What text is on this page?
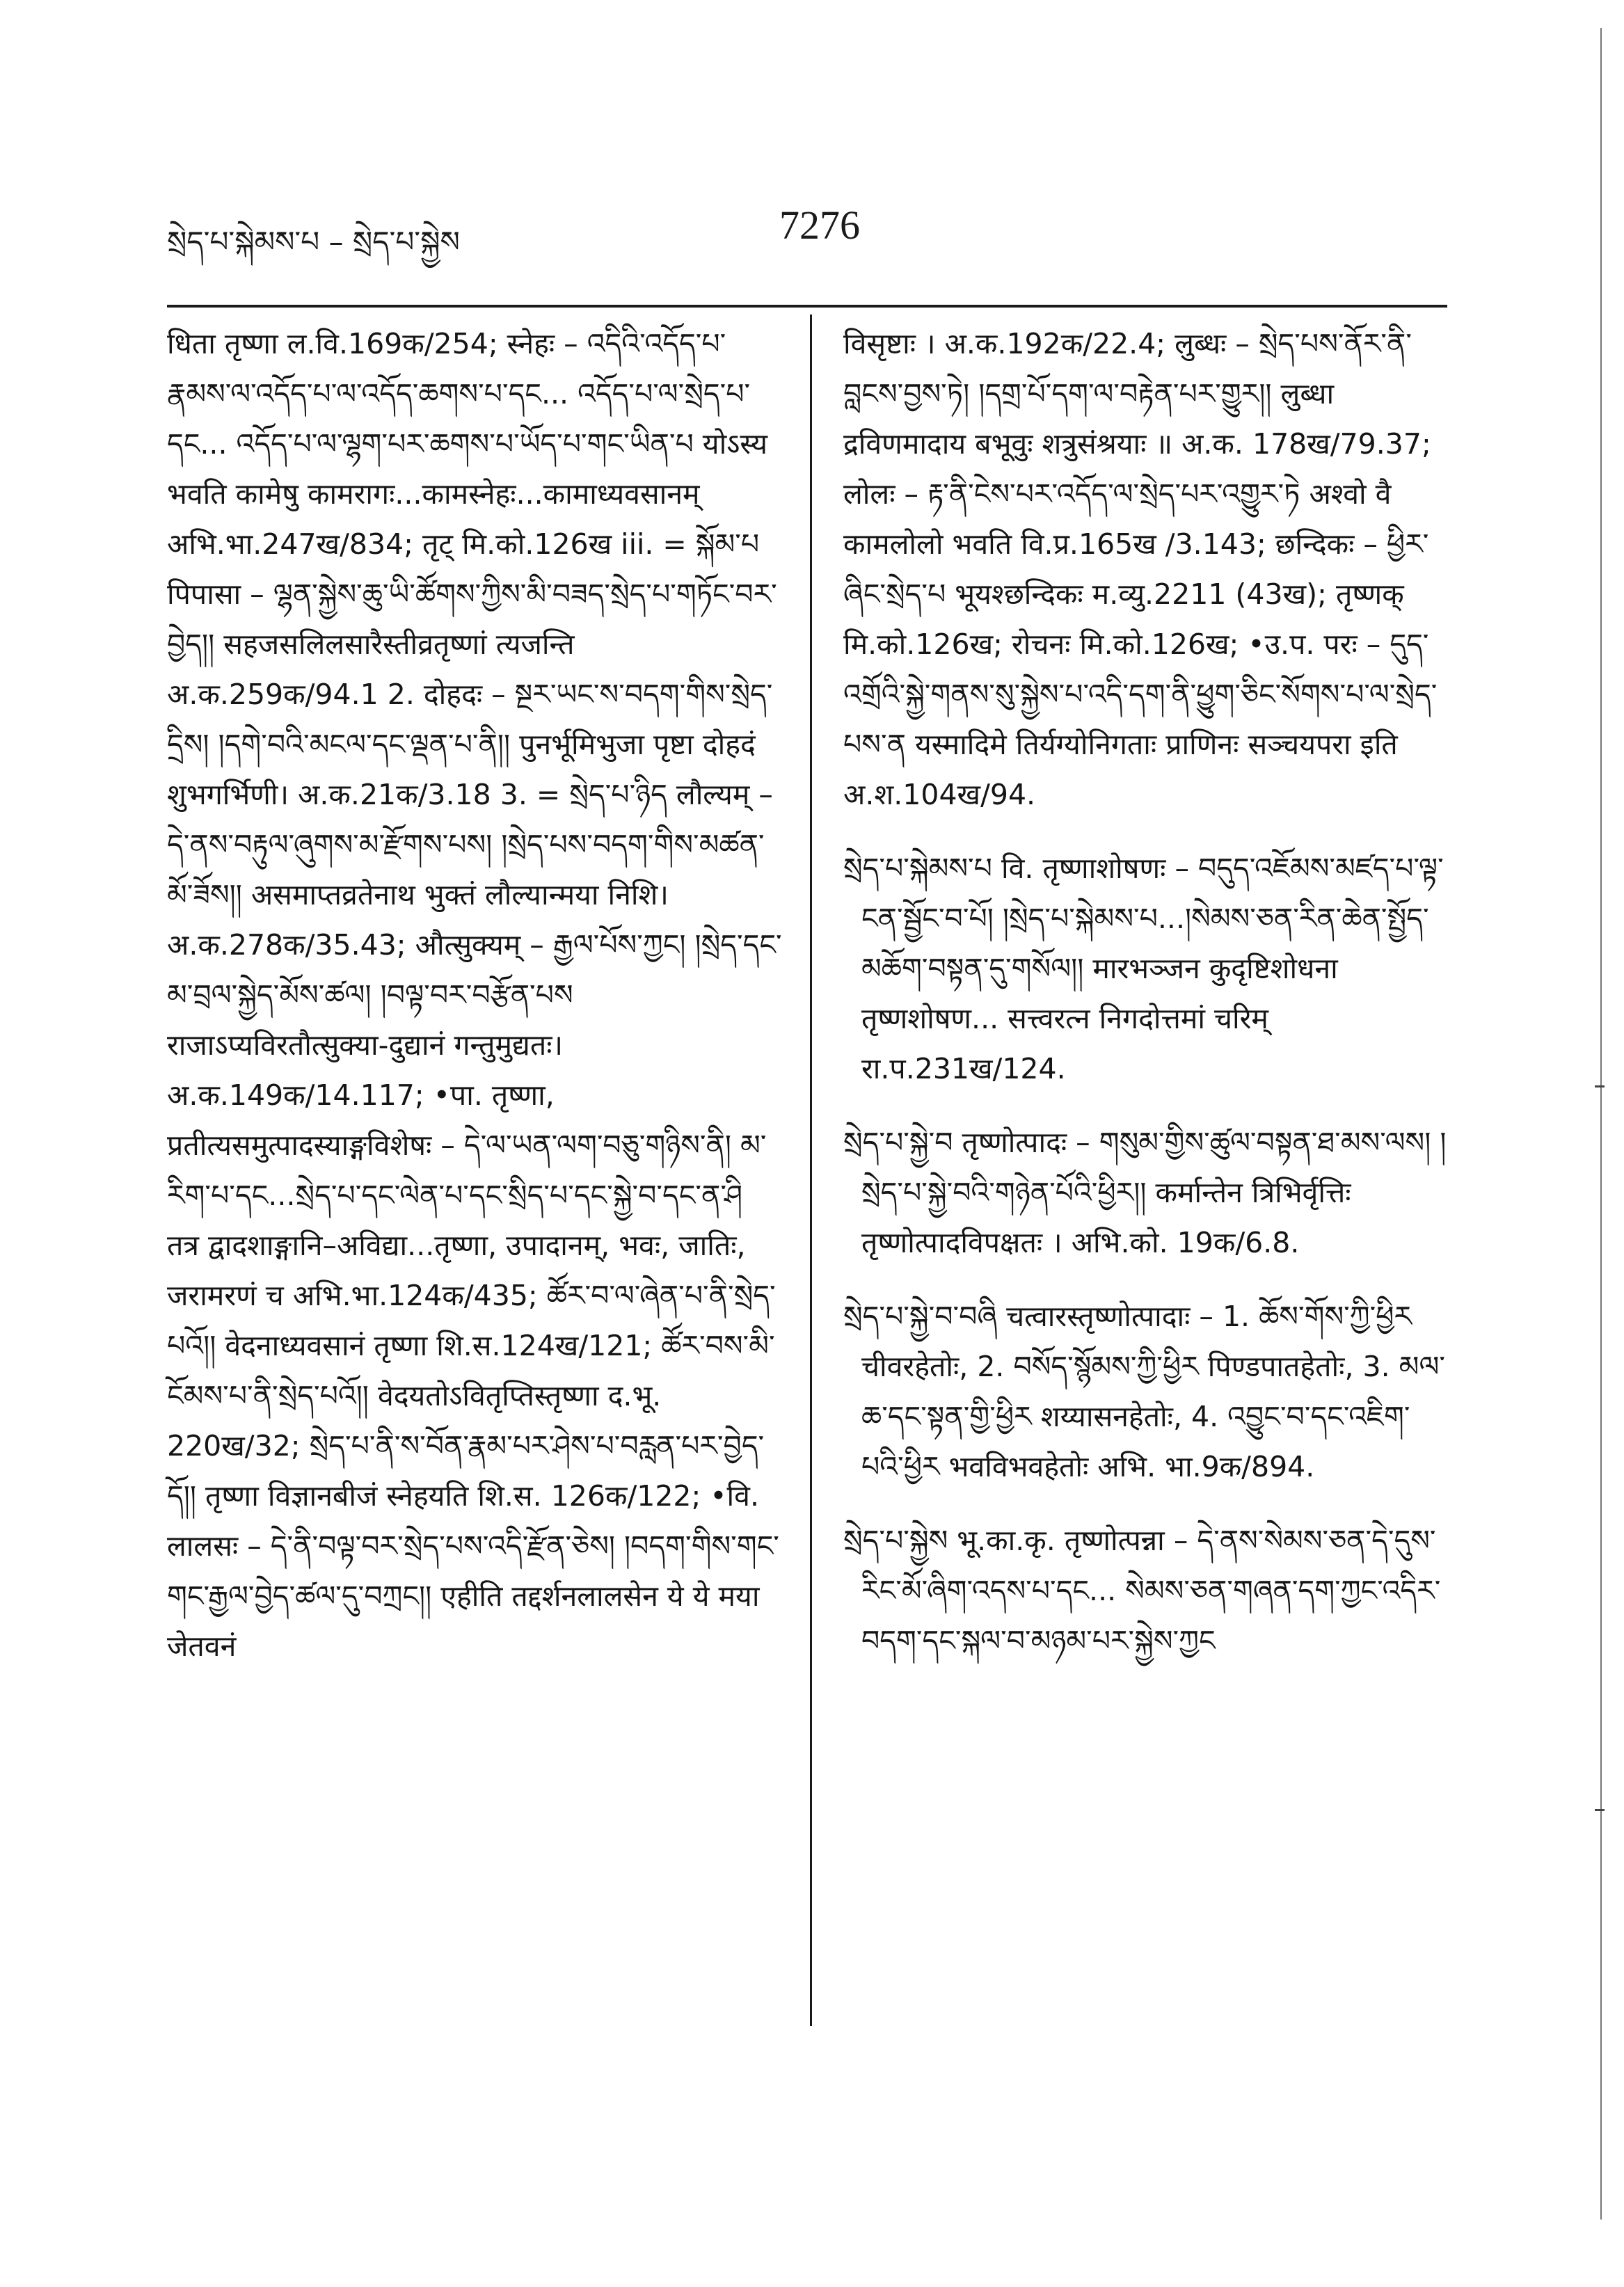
སྲེད་པ་སྐེམས་པ – སྲེད་པ་སྐྱེས	7276

धिता तृष्णा ल.वि.169क/254; स्नेहः – འདིའི་འདོད་པ་རྣམས་ལ་འདོད་པ་ལ་འདོད་ཆགས་པ་དང... འདོད་པ་ལ་སྲེད་པ་དང... འདོད་པ་ལ་ལྷག་པར་ཆགས་པ་ཡོད་པ་གང་ཡིན་པ योऽस्य भवति कामेषु कामरागः...कामस्नेहः...कामाध्यवसानम् अभि.भा.247ख/834; तृट् मि.को.126ख iii. = སྐོམ་པ पिपासा – ལྷན་སྐྱེས་ཆུ་ཡི་ཚོགས་ཀྱིས་མི་བཟད་སྲེད་པ་གཏོང་བར་བྱེད།། सहजसलिलसारैस्तीव्रतृष्णां त्यजन्ति अ.क.259क/94.1 2. दोहदः – སྔར་ཡང་ས་བདག་གིས་སྲེད་དྲིས། །དགེ་བའི་མངལ་དང་ལྡན་པ་ནི།། पुनर्भूमिभुजा पृष्टा दोहदं शुभगर्भिणी। अ.क.21क/3.18 3. = སྲེད་པ་ཉིད लौल्यम् – དེ་ནས་བརྟུལ་ཞུགས་མ་རྫོགས་པས། །སྲེད་པས་བདག་གིས་མཚན་མོ་ཟོས།། असमाप्तव्रतेनाथ भुक्तं लौल्यान्मया निशि। अ.क.278क/35.43; औत्सुक्यम् – རྒྱལ་པོས་ཀྱང། །སྲེད་དང་མ་བྲལ་སྐྱེད་མོས་ཚལ། །བལྟ་བར་བརྩོན་པས राजाऽप्यविरतौत्सुक्या-दुद्यानं गन्तुमुद्यतः। अ.क.149क/14.117; •पा. तृष्णा, प्रतीत्यसमुत्पादस्याङ्गविशेषः – དེ་ལ་ཡན་ལག་བཅུ་གཉིས་ནི། མ་རིག་པ་དང...སྲེད་པ་དང་ལེན་པ་དང་སྲིད་པ་དང་སྐྱེ་བ་དང་ན་ཤི तत्र द्वादशाङ्गानि–अविद्या...तृष्णा, उपादानम्, भवः, जातिः, जरामरणं च अभि.भा.124क/435; ཚོར་བ་ལ་ཞེན་པ་ནི་སྲེད་པའོ།། वेदनाध्यवसानं तृष्णा शि.स.124ख/121; ཚོར་བས་མི་ངོམས་པ་ནི་སྲེད་པའོ།། वेदयतोऽवितृप्तिस्तृष्णा द.भू. 220ख/32; སྲེད་པ་ནི་ས་བོན་རྣམ་པར་ཤེས་པ་བརླན་པར་བྱེད་དོ།། तृष्णा विज्ञानबीजं स्नेहयति शि.स. 126क/122; •वि. लालसः – དེ་ནི་བལྟ་བར་སྲེད་པས་འདི་རྫོན་ཅེས། །བདག་གིས་གང་གང་རྒྱལ་བྱེད་ཚལ་དུ་བཀྲང།། एहीति तद्दर्शनलालसेन ये ये मया जेतवनं

विसृष्टाः । अ.क.192क/22.4; लुब्धः – སྲེད་པས་ནོར་ནི་བླངས་བྱས་ཏེ། །དགྲ་པོ་དག་ལ་བརྟེན་པར་གྱུར།། लुब्धा द्रविणमादाय बभूवुः शत्रुसंश्रयाः ॥ अ.क. 178ख/79.37; लोलः – རྟ་ནི་ངེས་པར་འདོད་ལ་སྲེད་པར་འགྱུར་ཏེ अश्वो वै कामलोलो भवति वि.प्र.165ख /3.143; छन्दिकः – ཕྱིར་ཞིང་སྲེད་པ भूयश्छन्दिकः म.व्यु.2211 (43ख); तृष्णक् मि.को.126ख; रोचनः मि.को.126ख; •उ.प. परः – དུད་འགྲོའི་སྐྱེ་གནས་སུ་སྐྱེས་པ་འདི་དག་ནི་ཕྱུག་ཅིང་སོགས་པ་ལ་སྲེད་པས་ན यस्मादिमे तिर्यग्योनिगताः प्राणिनः सञ्चयपरा इति अ.श.104ख/94.

སྲེད་པ་སྐེམས་པ वि. तृष्णाशोषणः – བདུད་འཇོམས་མཛད་པ་ལྟ་ངན་སྦྱོང་བ་པོ། །སྲེད་པ་སྐེམས་པ...།སེམས་ཅན་རིན་ཆེན་སྤྱོད་མཆོག་བསྟན་དུ་གསོལ།། मारभञ्जन कुदृष्टिशोधना तृष्णशोषण... सत्त्वरत्न निगदोत्तमां चरिम् रा.प.231ख/124.

སྲེད་པ་སྐྱེ་བ तृष्णोत्पादः – གསུམ་གྱིས་ཚུལ་བསྟན་ཐ་མས་ལས། །སྲེད་པ་སྐྱེ་བའི་གཉེན་པོའི་ཕྱིར།། कर्मान्तेन त्रिभिर्वृत्तिः तृष्णोत्पादविपक्षतः । अभि.को. 19क/6.8.

སྲེད་པ་སྐྱེ་བ་བཞི चत्वारस्तृष्णोत्पादाः – 1. ཆོས་གོས་ཀྱི་ཕྱིར चीवरहेतोः, 2. བསོད་སྙོམས་ཀྱི་ཕྱིར पिण्डपातहेतोः, 3. མལ་ཆ་དང་སྟན་གྱི་ཕྱིར शय्यासनहेतोः, 4. འབྱུང་བ་དང་འཇིག་པའི་ཕྱིར भवविभवहेतोः अभि. भा.9क/894.

སྲེད་པ་སྐྱེས भू.का.कृ. तृष्णोत्पन्ना – དེ་ནས་སེམས་ཅན་དེ་དུས་རིང་མོ་ཞིག་འདས་པ་དང... སེམས་ཅན་གཞན་དག་ཀྱང་འདིར་བདག་དང་སྐལ་བ་མཉམ་པར་སྐྱེས་ཀྱང
